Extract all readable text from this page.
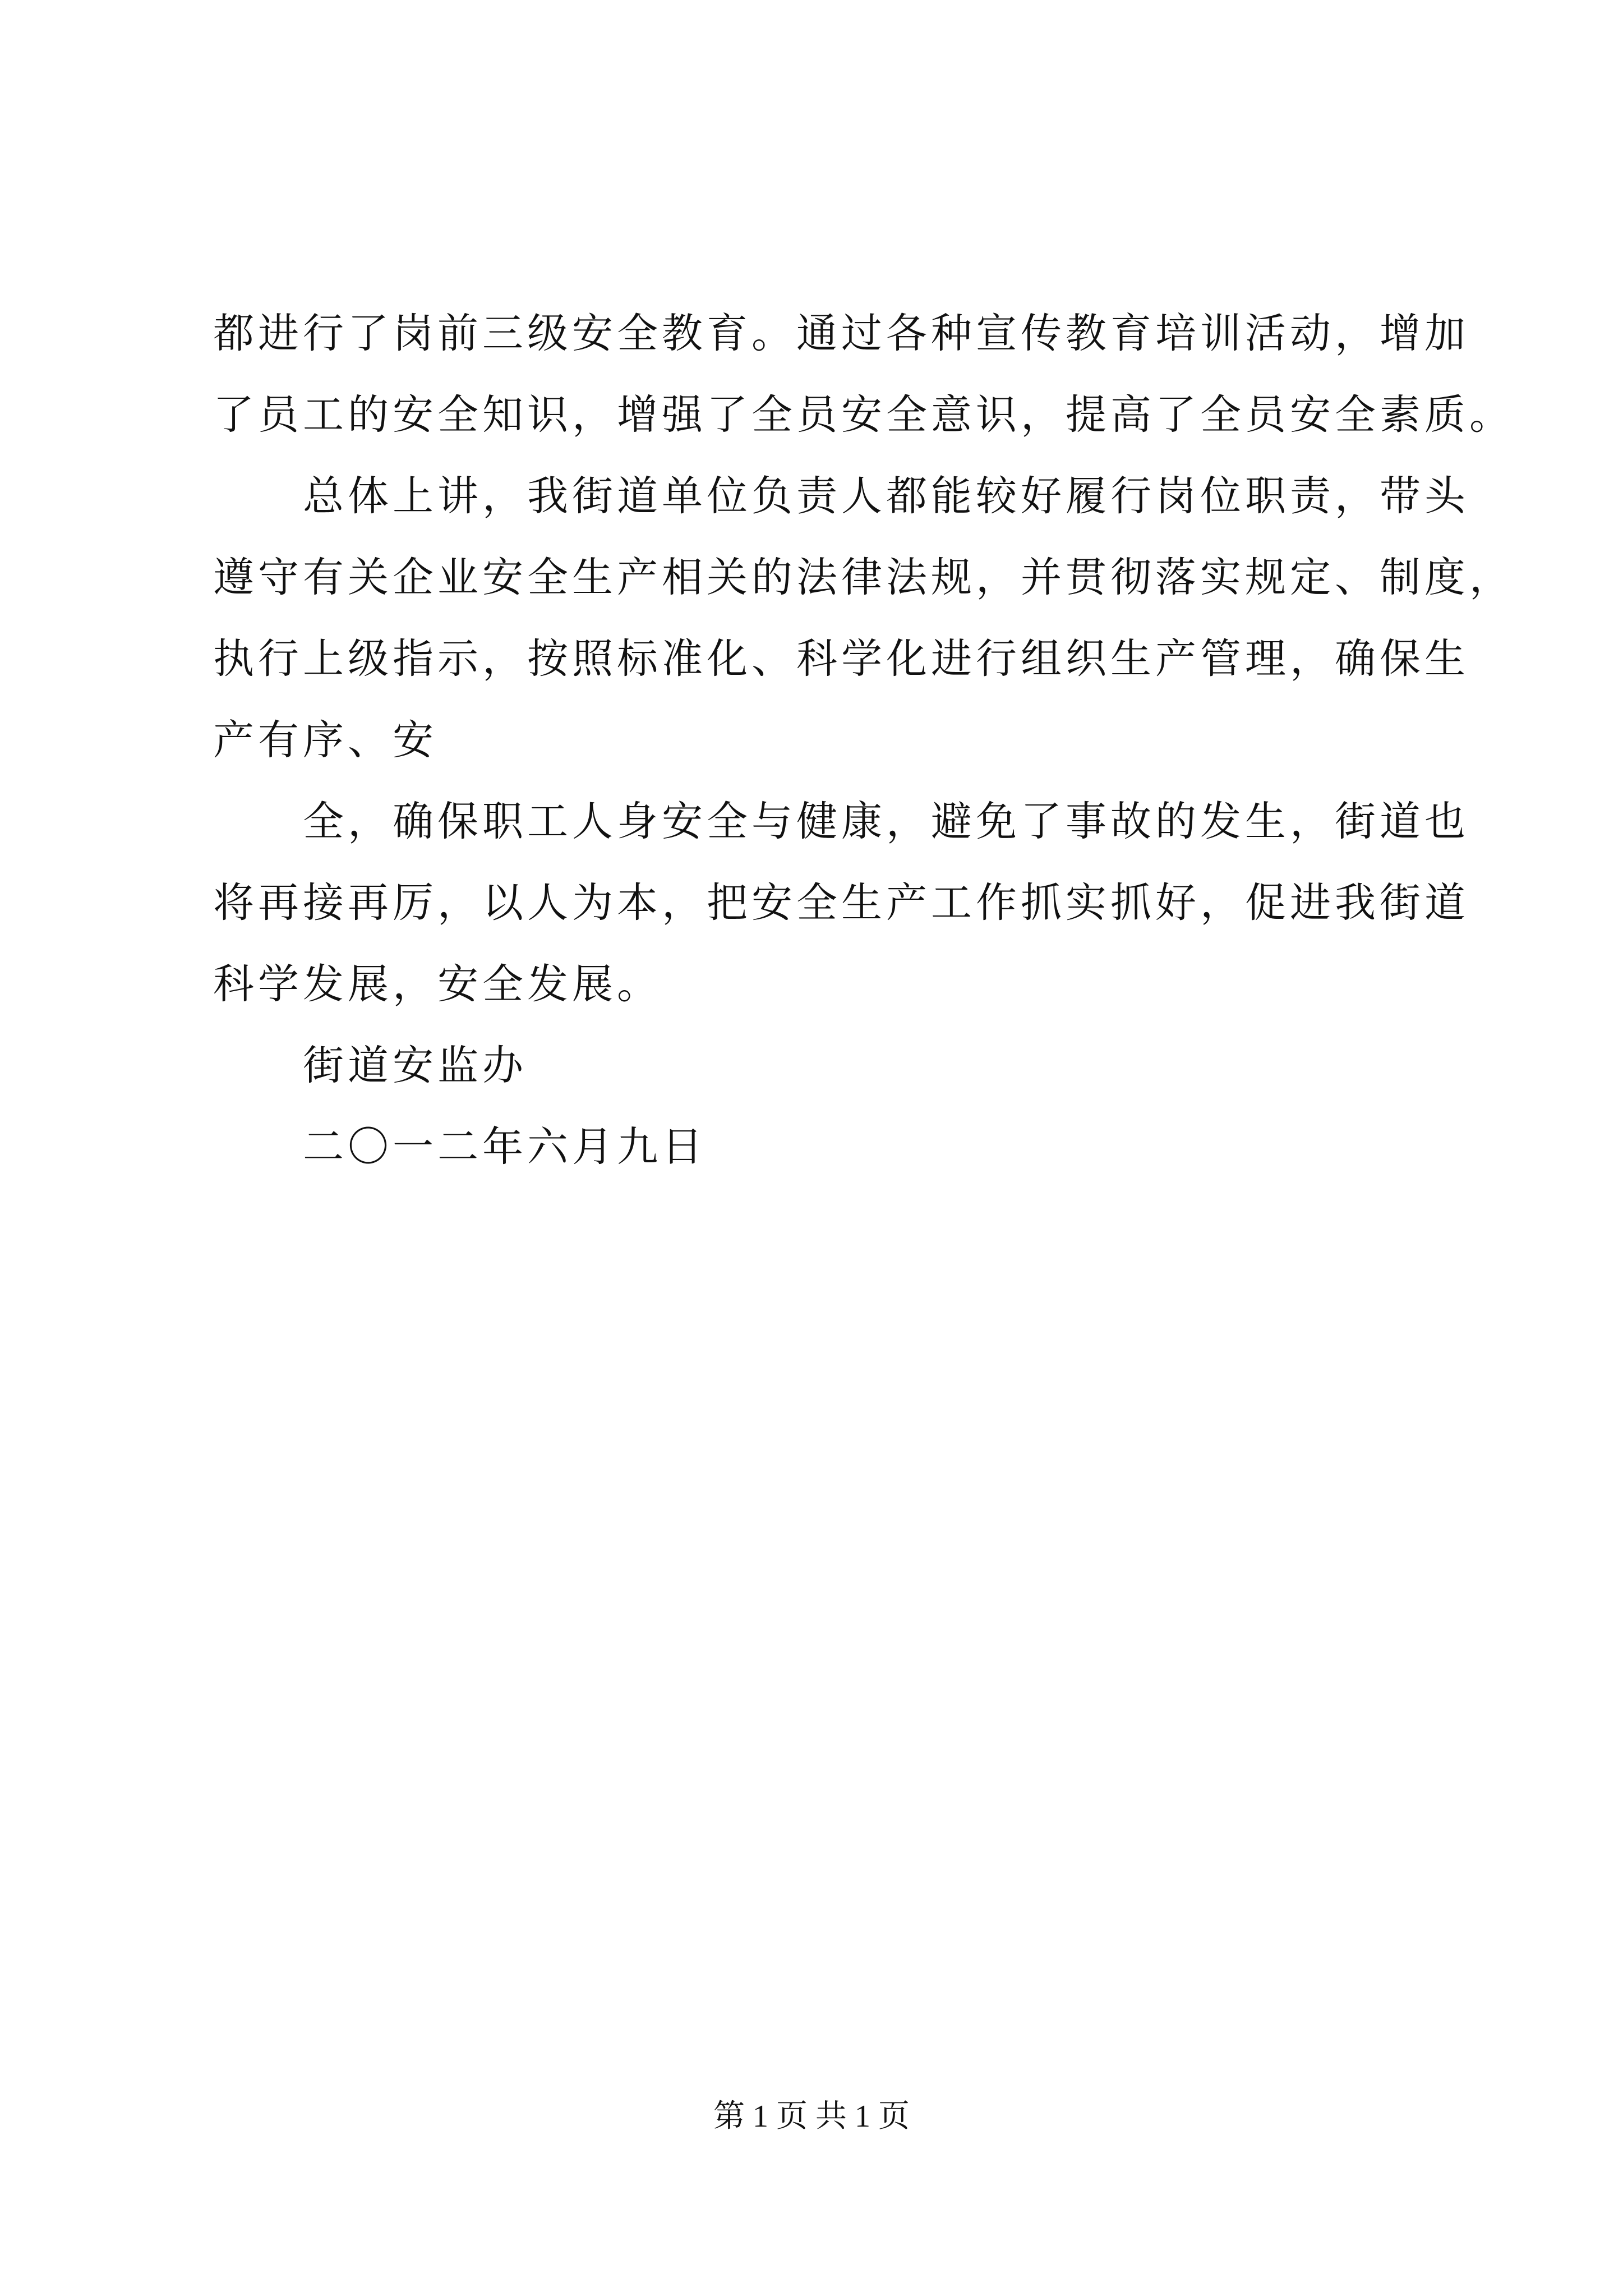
都进行了岗前三级安全教育。通过各种宣传教育培训活动，增加
了员工的安全知识，增强了全员安全意识，提高了全员安全素质。

总体上讲，我街道单位负责人都能较好履行岗位职责，带头
遵守有关企业安全生产相关的法律法规，并贯彻落实规定、制度，
执行上级指示，按照标准化、科学化进行组织生产管理，确保生
产有序、安

全，确保职工人身安全与健康，避免了事故的发生，街道也
将再接再厉，以人为本，把安全生产工作抓实抓好，促进我街道
科学发展，安全发展。

街道安监办
二〇一二年六月九日

第 1 页 共 1 页
